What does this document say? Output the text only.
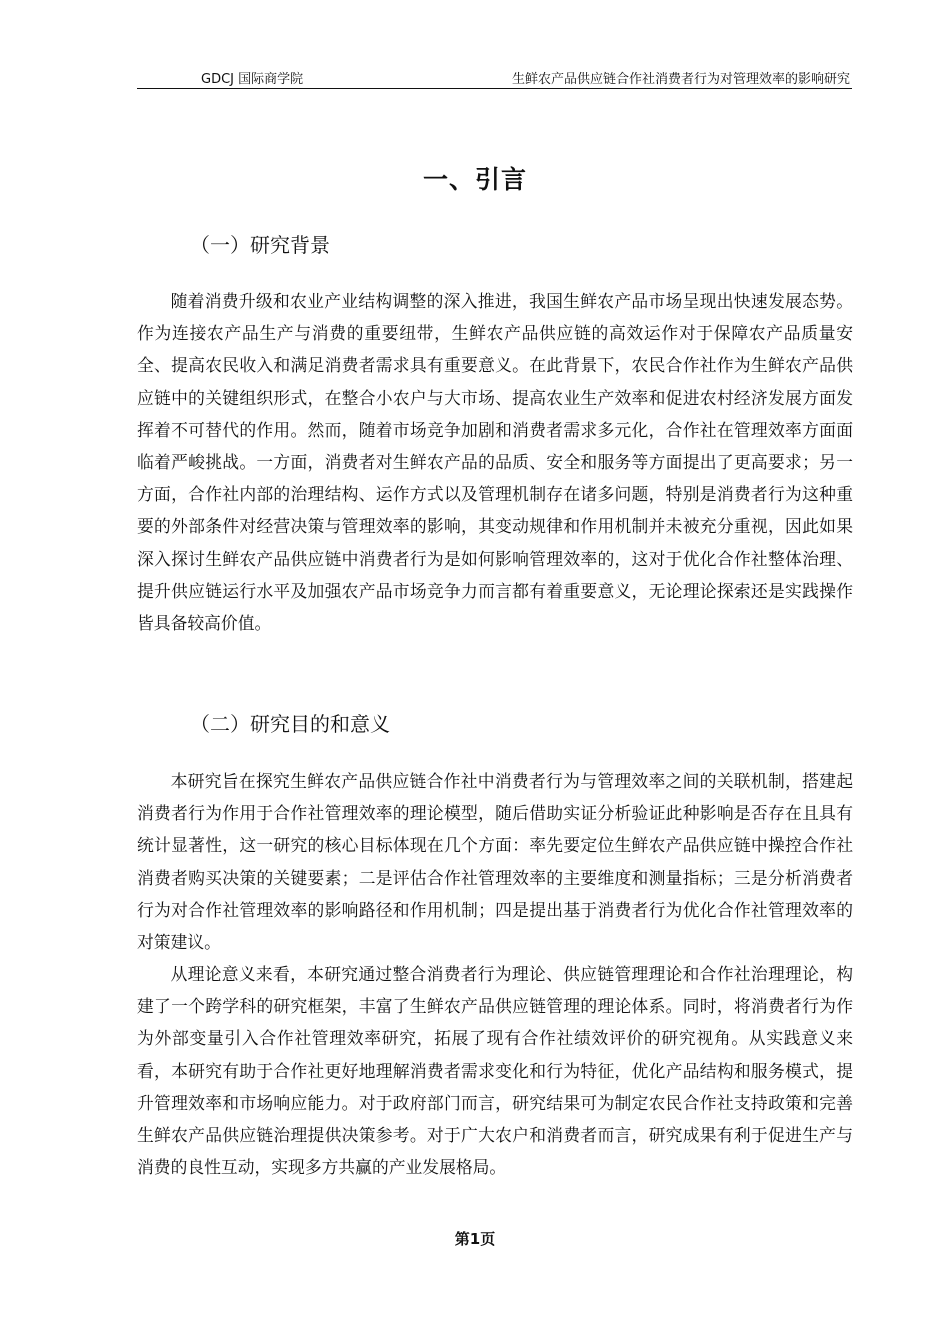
GDCJ 国际商学院	生鲜农产品供应链合作社消费者行为对管理效率的影响研究
一、引言
（一）研究背景

随着消费升级和农业产业结构调整的深入推进，我国生鲜农产品市场呈现出快速发展态势。作为连接农产品生产与消费的重要纽带，生鲜农产品供应链的高效运作对于保障农产品质量安全、提高农民收入和满足消费者需求具有重要意义。在此背景下，农民合作社作为生鲜农产品供应链中的关键组织形式，在整合小农户与大市场、提高农业生产效率和促进农村经济发展方面发挥着不可替代的作用。然而，随着市场竞争加剧和消费者需求多元化，合作社在管理效率方面面临着严峻挑战。一方面，消费者对生鲜农产品的品质、安全和服务等方面提出了更高要求；另一方面，合作社内部的治理结构、运作方式以及管理机制存在诸多问题，特别是消费者行为这种重要的外部条件对经营决策与管理效率的影响，其变动规律和作用机制并未被充分重视，因此如果深入探讨生鲜农产品供应链中消费者行为是如何影响管理效率的，这对于优化合作社整体治理、提升供应链运行水平及加强农产品市场竞争力而言都有着重要意义，无论理论探索还是实践操作皆具备较高价值。

（二）研究目的和意义

本研究旨在探究生鲜农产品供应链合作社中消费者行为与管理效率之间的关联机制，搭建起消费者行为作用于合作社管理效率的理论模型，随后借助实证分析验证此种影响是否存在且具有统计显著性，这一研究的核心目标体现在几个方面：率先要定位生鲜农产品供应链中操控合作社消费者购买决策的关键要素；二是评估合作社管理效率的主要维度和测量指标；三是分析消费者行为对合作社管理效率的影响路径和作用机制；四是提出基于消费者行为优化合作社管理效率的对策建议。

从理论意义来看，本研究通过整合消费者行为理论、供应链管理理论和合作社治理理论，构建了一个跨学科的研究框架，丰富了生鲜农产品供应链管理的理论体系。同时，将消费者行为作为外部变量引入合作社管理效率研究，拓展了现有合作社绩效评价的研究视角。从实践意义来看，本研究有助于合作社更好地理解消费者需求变化和行为特征，优化产品结构和服务模式，提升管理效率和市场响应能力。对于政府部门而言，研究结果可为制定农民合作社支持政策和完善生鲜农产品供应链治理提供决策参考。对于广大农户和消费者而言，研究成果有利于促进生产与消费的良性互动，实现多方共赢的产业发展格局。

第1页
